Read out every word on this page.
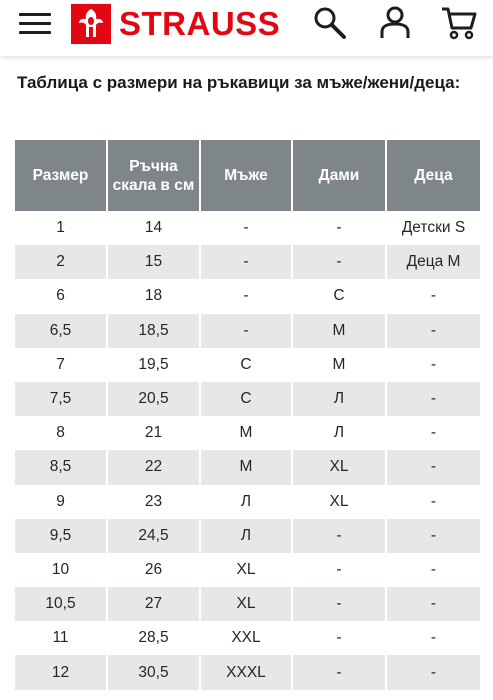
STRAUSS
Таблица с размери на ръкавици за мъже/жени/деца:
Размер	Ръчна скала в см	Мъже	Дами	Деца
1	14	-	-	Детски S
2	15	-	-	Деца M
6	18	-	С	-
6,5	18,5	-	M	-
7	19,5	С	M	-
7,5	20,5	С	Л	-
8	21	M	Л	-
8,5	22	M	XL	-
9	23	Л	XL	-
9,5	24,5	Л	-	-
10	26	XL	-	-
10,5	27	XL	-	-
11	28,5	XXL	-	-
12	30,5	XXXL	-	-
